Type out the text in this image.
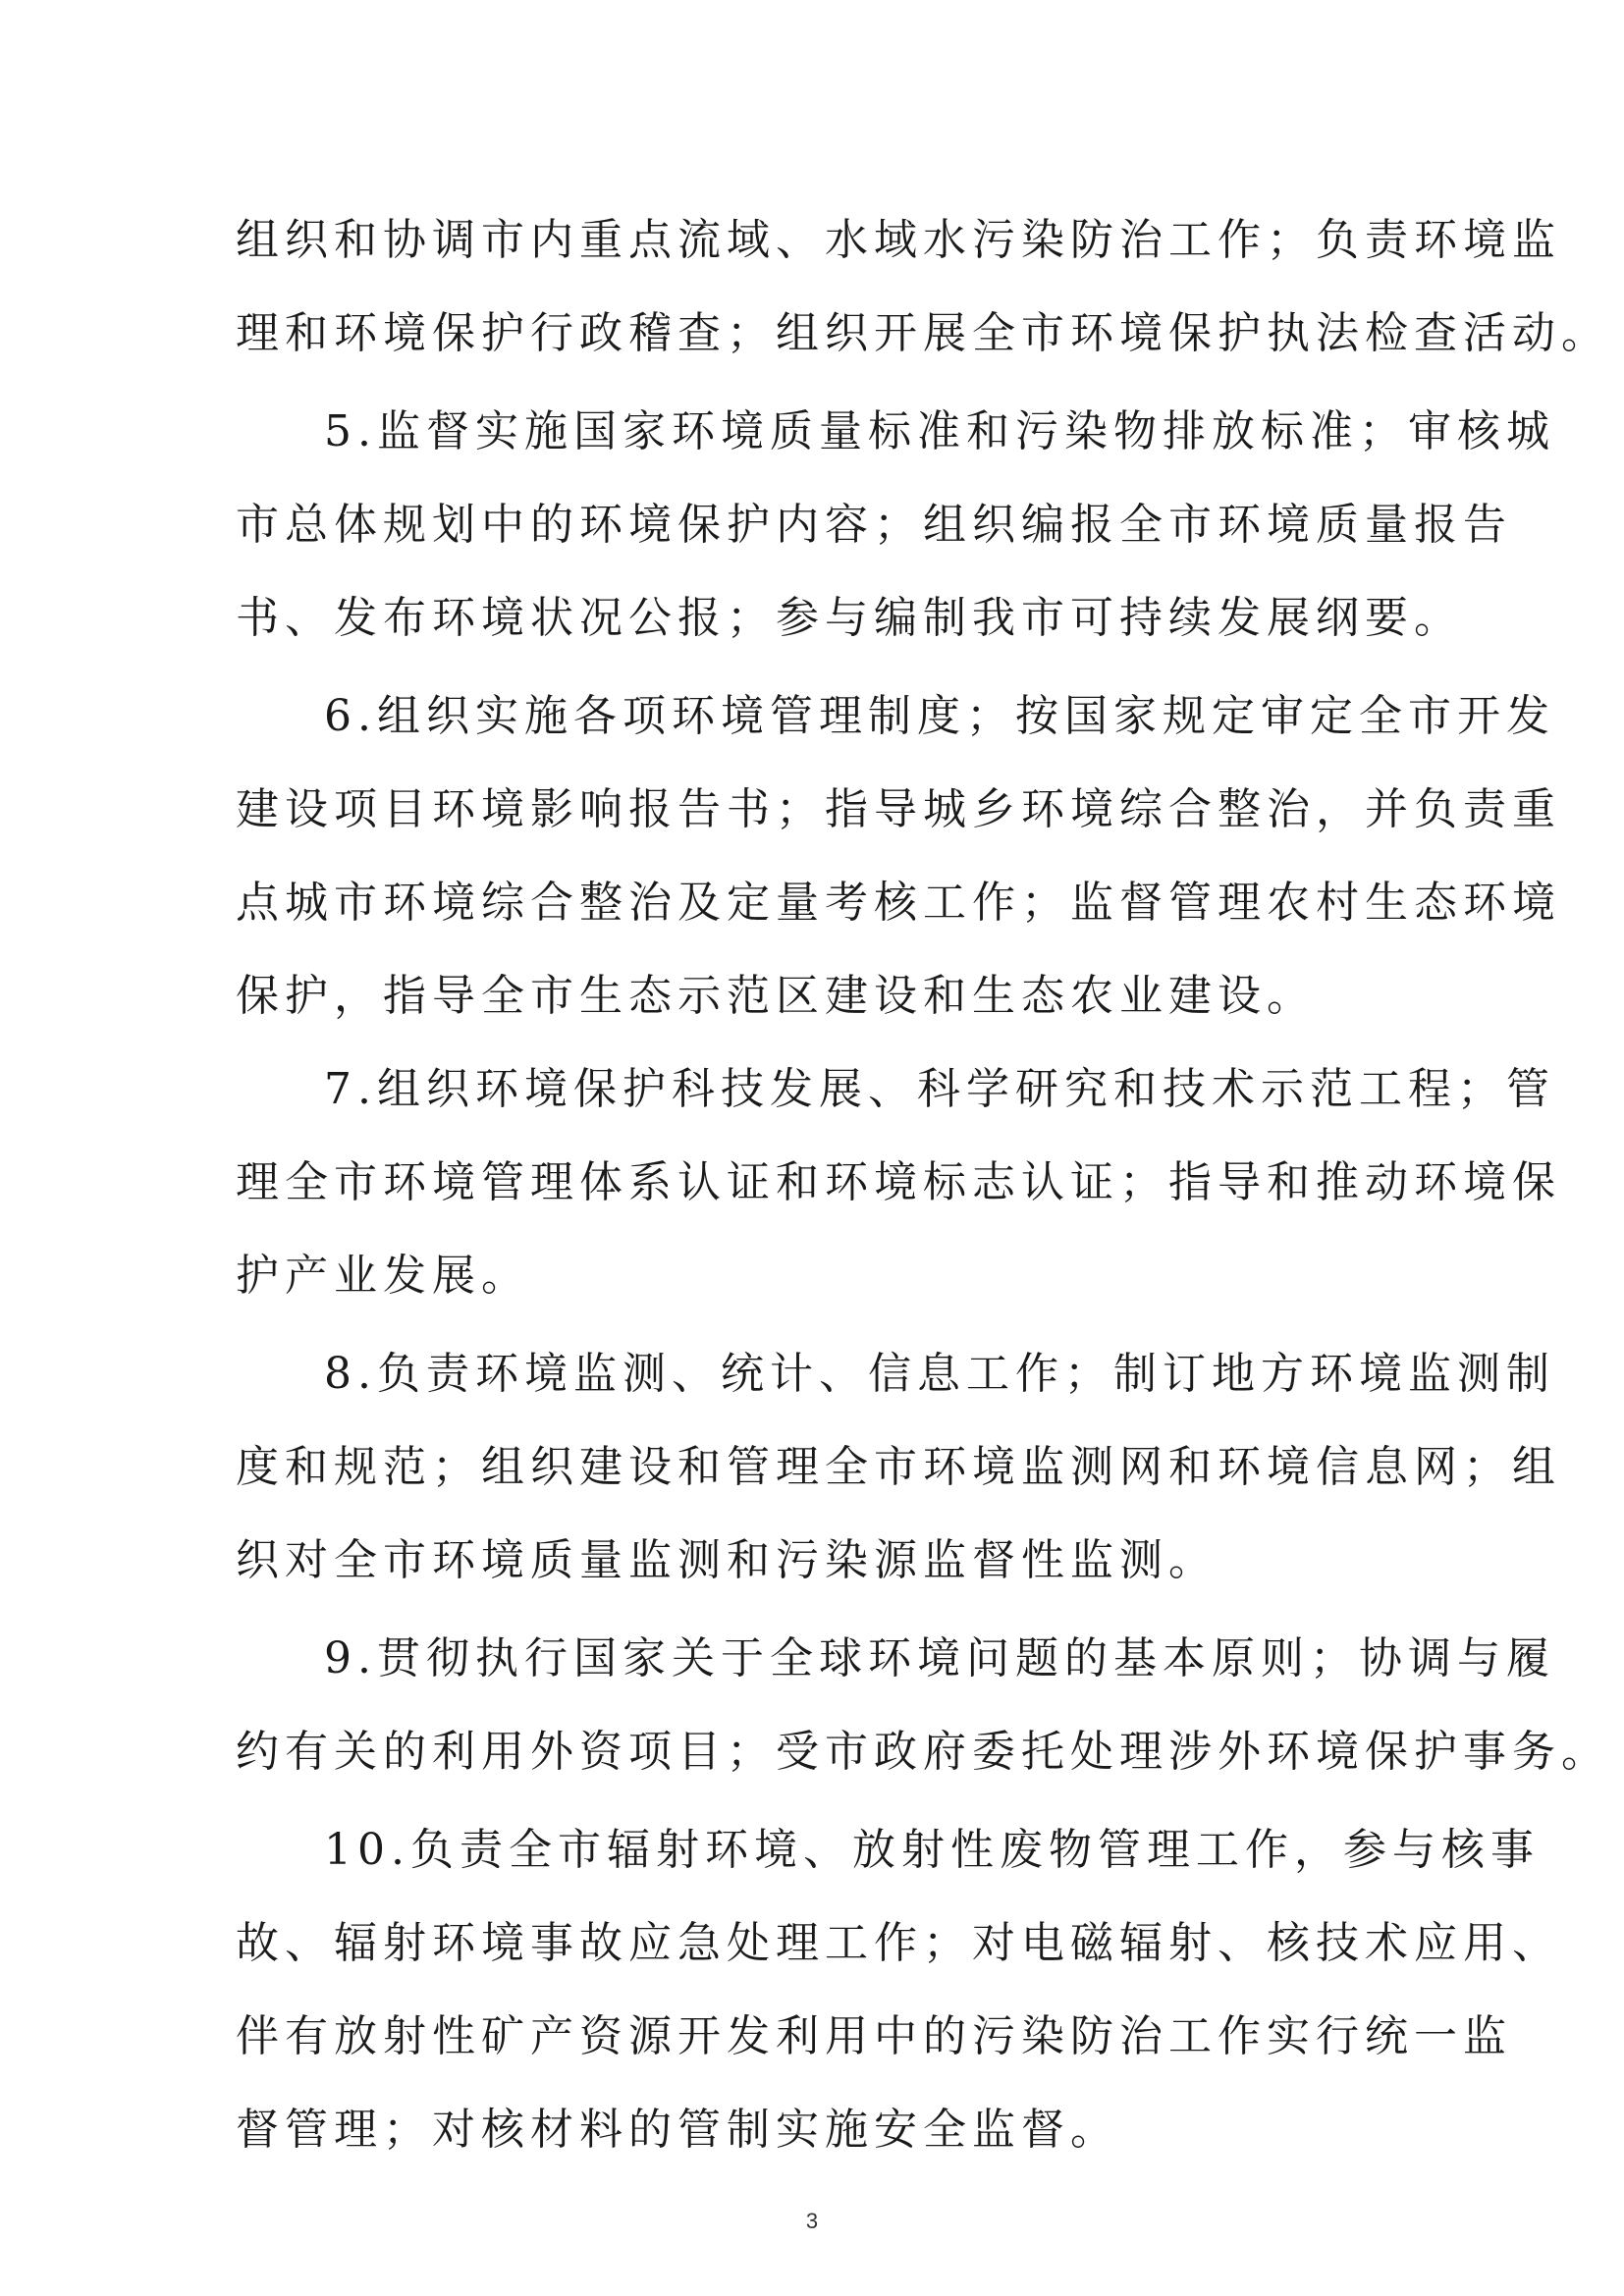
组织和协调市内重点流域、水域水污染防治工作；负责环境监
理和环境保护行政稽查；组织开展全市环境保护执法检查活动。
5.监督实施国家环境质量标准和污染物排放标准；审核城
市总体规划中的环境保护内容；组织编报全市环境质量报告
书、发布环境状况公报；参与编制我市可持续发展纲要。
6.组织实施各项环境管理制度；按国家规定审定全市开发
建设项目环境影响报告书；指导城乡环境综合整治，并负责重
点城市环境综合整治及定量考核工作；监督管理农村生态环境
保护，指导全市生态示范区建设和生态农业建设。
7.组织环境保护科技发展、科学研究和技术示范工程；管
理全市环境管理体系认证和环境标志认证；指导和推动环境保
护产业发展。
8.负责环境监测、统计、信息工作；制订地方环境监测制
度和规范；组织建设和管理全市环境监测网和环境信息网；组
织对全市环境质量监测和污染源监督性监测。
9.贯彻执行国家关于全球环境问题的基本原则；协调与履
约有关的利用外资项目；受市政府委托处理涉外环境保护事务。
10.负责全市辐射环境、放射性废物管理工作，参与核事
故、辐射环境事故应急处理工作；对电磁辐射、核技术应用、
伴有放射性矿产资源开发利用中的污染防治工作实行统一监
督管理；对核材料的管制实施安全监督。
3
